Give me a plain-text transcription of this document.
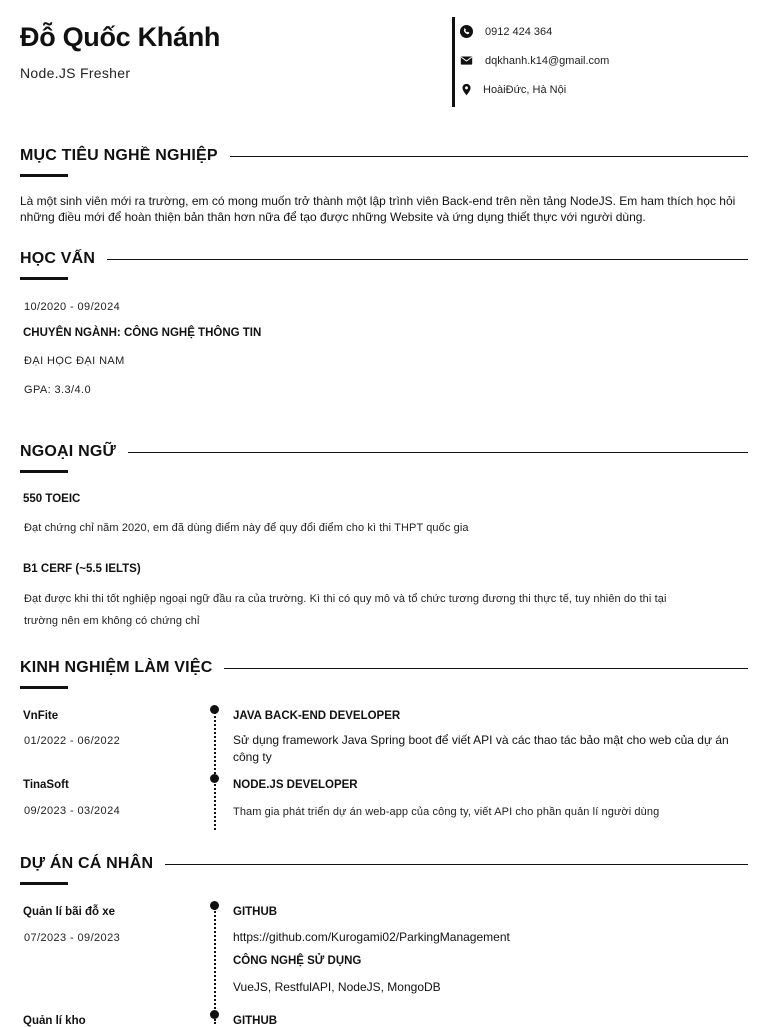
Đỗ Quốc Khánh
Node.JS Fresher
0912 424 364
dqkhanh.k14@gmail.com
HoàiĐức, Hà Nội
MỤC TIÊU NGHỀ NGHIỆP
Là một sinh viên mới ra trường, em có mong muốn trở thành một lập trình viên Back-end trên nền tảng NodeJS. Em ham thích học hỏi
những điều mới để hoàn thiện bản thân hơn nữa để tạo được những Website và ứng dụng thiết thực với người dùng.
HỌC VẤN
10/2020 - 09/2024
CHUYÊN NGÀNH: CÔNG NGHỆ THÔNG TIN
ĐẠI HỌC ĐẠI NAM
GPA: 3.3/4.0
NGOẠI NGỮ
550 TOEIC
Đạt chứng chỉ năm 2020, em đã dùng điểm này để quy đổi điểm cho kì thi THPT quốc gia
B1 CERF (~5.5 IELTS)
Đạt được khi thi tốt nghiệp ngoại ngữ đầu ra của trường. Kì thi có quy mô và tổ chức tương đương thi thực tế, tuy nhiên do thi tại
trường nên em không có chứng chỉ
KINH NGHIỆM LÀM VIỆC
VnFite
01/2022 - 06/2022
JAVA BACK-END DEVELOPER
Sử dụng framework Java Spring boot để viết API và các thao tác bảo mật cho web của dự án
công ty
TinaSoft
09/2023 - 03/2024
NODE.JS DEVELOPER
Tham gia phát triển dự án web-app của công ty, viết API cho phần quản lí người dùng
DỰ ÁN CÁ NHÂN
Quản lí bãi đỗ xe
07/2023 - 09/2023
GITHUB
https://github.com/Kurogami02/ParkingManagement
CÔNG NGHỆ SỬ DỤNG
VueJS, RestfulAPI, NodeJS, MongoDB
Quản lí kho	GITHUB
